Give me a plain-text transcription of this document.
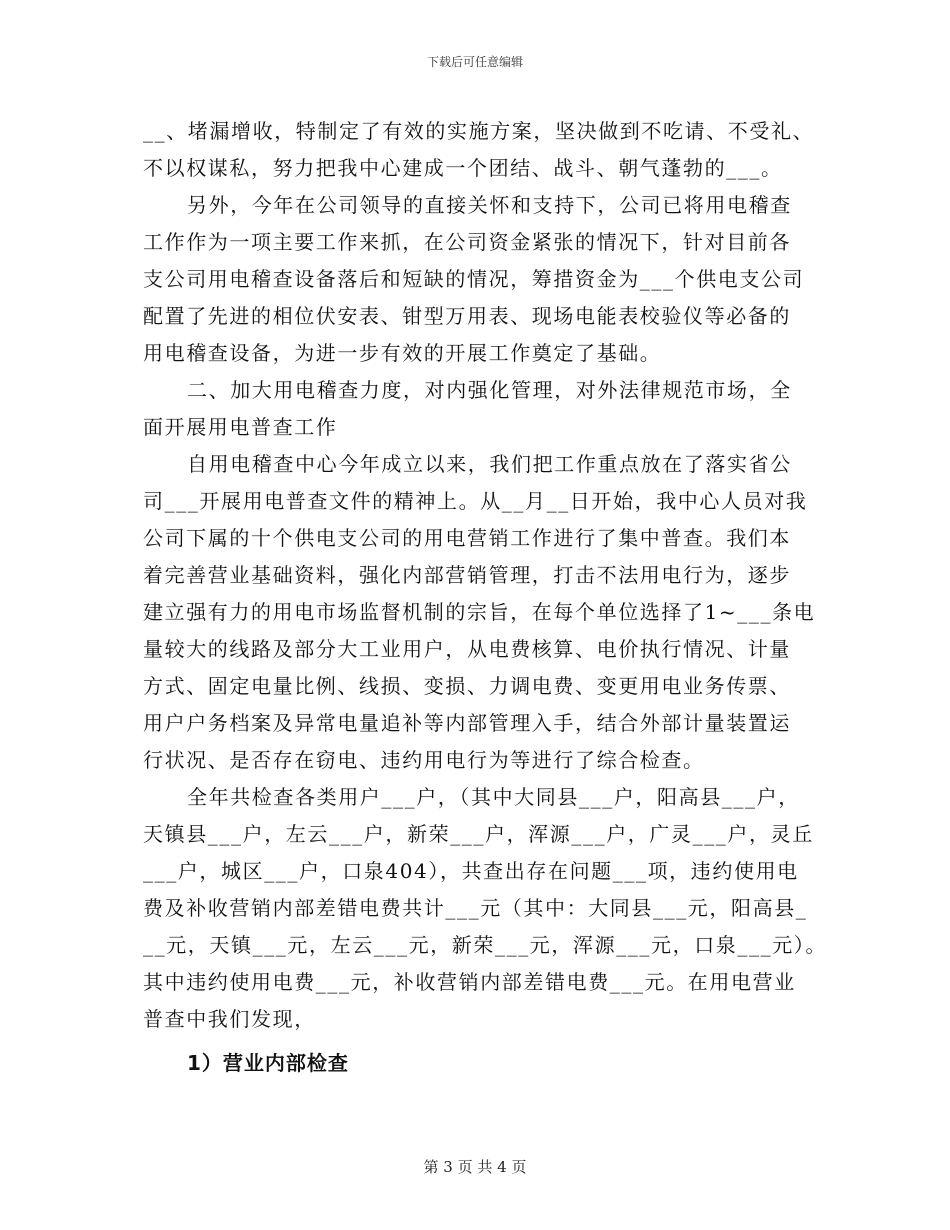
下载后可任意编辑
__、堵漏增收，特制定了有效的实施方案，坚决做到不吃请、不受礼、
不以权谋私，努力把我中心建成一个团结、战斗、朝气蓬勃的___。
另外，今年在公司领导的直接关怀和支持下，公司已将用电稽查
工作作为一项主要工作来抓，在公司资金紧张的情况下，针对目前各
支公司用电稽查设备落后和短缺的情况，筹措资金为___个供电支公司
配置了先进的相位伏安表、钳型万用表、现场电能表校验仪等必备的
用电稽查设备，为进一步有效的开展工作奠定了基础。
二、加大用电稽查力度，对内强化管理，对外法律规范市场，全
面开展用电普查工作
自用电稽查中心今年成立以来，我们把工作重点放在了落实省公
司___开展用电普查文件的精神上。从__月__日开始，我中心人员对我
公司下属的十个供电支公司的用电营销工作进行了集中普查。我们本
着完善营业基础资料，强化内部营销管理，打击不法用电行为，逐步
建立强有力的用电市场监督机制的宗旨，在每个单位选择了1~___条电
量较大的线路及部分大工业用户，从电费核算、电价执行情况、计量
方式、固定电量比例、线损、变损、力调电费、变更用电业务传票、
用户户务档案及异常电量追补等内部管理入手，结合外部计量装置运
行状况、是否存在窃电、违约用电行为等进行了综合检查。
全年共检查各类用户___户，（其中大同县___户，阳高县___户，
天镇县___户，左云___户，新荣___户，浑源___户，广灵___户，灵丘
___户，城区___户，口泉404），共查出存在问题___项，违约使用电
费及补收营销内部差错电费共计___元（其中：大同县___元，阳高县_
__元，天镇___元，左云___元，新荣___元，浑源___元，口泉___元）。
其中违约使用电费___元，补收营销内部差错电费___元。在用电营业
普查中我们发现，
1）营业内部检查
第 3 页 共 4 页
